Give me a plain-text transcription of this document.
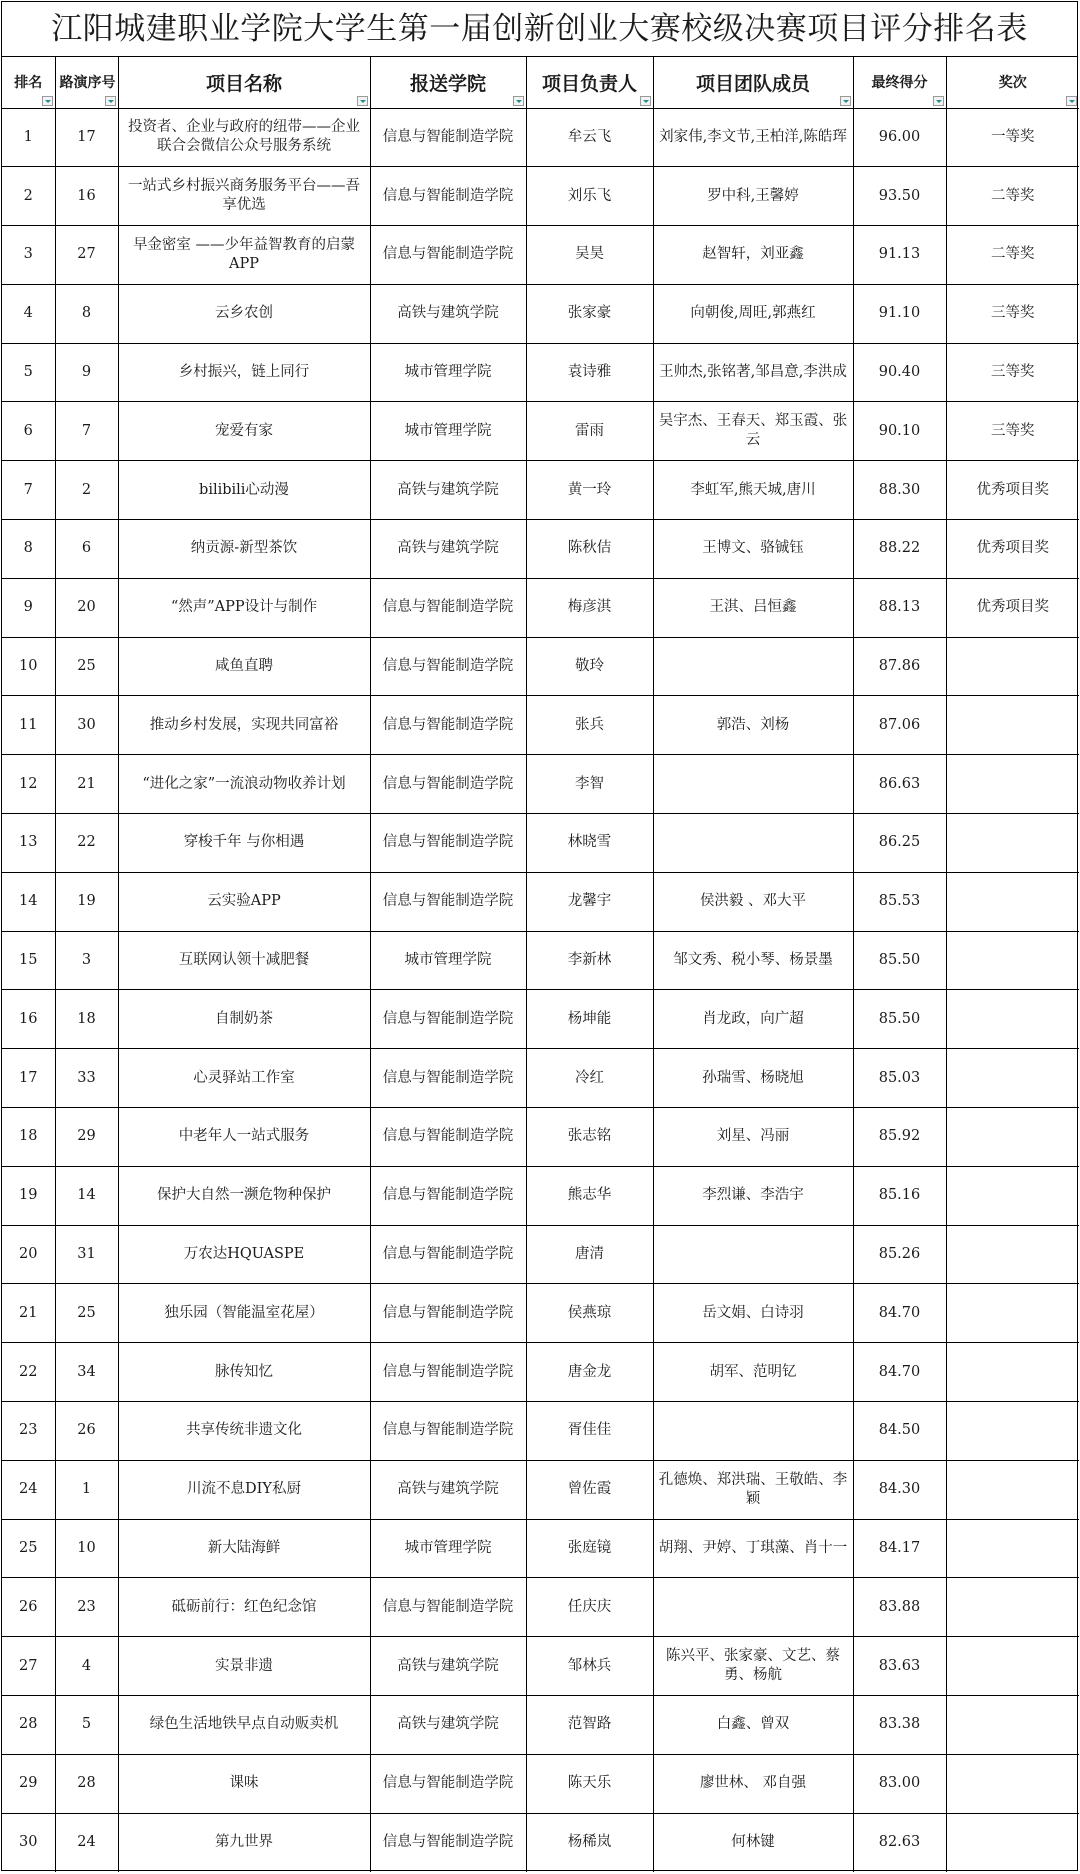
江阳城建职业学院大学生第一届创新创业大赛校级决赛项目评分排名表
排名	路演序号	项目名称	报送学院	项目负责人	项目团队成员	最终得分	奖次

1	17	投资者、企业与政府的纽带——企业联合会微信公众号服务系统	信息与智能制造学院	牟云飞	刘家伟,李文节,王柏洋,陈皓珲	96.00	一等奖
2	16	一站式乡村振兴商务服务平台——吾享优选	信息与智能制造学院	刘乐飞	罗中科,王馨婷	93.50	二等奖
3	27	早金密室 ——少年益智教育的启蒙APP	信息与智能制造学院	吴昊	赵智轩，刘亚鑫	91.13	二等奖
4	8	云乡农创	高铁与建筑学院	张家豪	向朝俊,周旺,郭燕红	91.10	三等奖
5	9	乡村振兴，链上同行	城市管理学院	袁诗雅	王帅杰,张铭著,邹昌意,李洪成	90.40	三等奖
6	7	宠爱有家	城市管理学院	雷雨	吴宇杰、王春天、郑玉霞、张云	90.10	三等奖
7	2	bilibili心动漫	高铁与建筑学院	黄一玲	李虹军,熊天城,唐川	88.30	优秀项目奖
8	6	纳贡源-新型茶饮	高铁与建筑学院	陈秋佶	王博文、骆铖钰	88.22	优秀项目奖
9	20	“然声”APP设计与制作	信息与智能制造学院	梅彦淇	王淇、吕恒鑫	88.13	优秀项目奖
10	25	咸鱼直聘	信息与智能制造学院	敬玲		87.86	
11	30	推动乡村发展，实现共同富裕	信息与智能制造学院	张兵	郭浩、刘杨	87.06	
12	21	“进化之家”一流浪动物收养计划	信息与智能制造学院	李智		86.63	
13	22	穿梭千年 与你相遇	信息与智能制造学院	林晓雪		86.25	
14	19	云实验APP	信息与智能制造学院	龙馨宇	侯洪毅 、邓大平	85.53	
15	3	互联网认领十减肥餐	城市管理学院	李新林	邹文秀、税小琴、杨景墨	85.50	
16	18	自制奶茶	信息与智能制造学院	杨坤能	肖龙政，向广超	85.50	
17	33	心灵驿站工作室	信息与智能制造学院	冷红	孙瑞雪、杨晓旭	85.03	
18	29	中老年人一站式服务	信息与智能制造学院	张志铭	刘星、冯丽	85.92	
19	14	保护大自然一濒危物种保护	信息与智能制造学院	熊志华	李烈谦、李浩宇	85.16	
20	31	万农达HQUASPE	信息与智能制造学院	唐清		85.26	
21	25	独乐园（智能温室花屋）	信息与智能制造学院	侯燕琼	岳文娟、白诗羽	84.70	
22	34	脉传知忆	信息与智能制造学院	唐金龙	胡军、范明钇	84.70	
23	26	共享传统非遗文化	信息与智能制造学院	胥佳佳		84.50	
24	1	川流不息DIY私厨	高铁与建筑学院	曾佐霞	孔德焕、郑洪瑞、王敬皓、李颖	84.30	
25	10	新大陆海鲜	城市管理学院	张庭镜	胡翔、尹婷、丁琪藻、肖十一	84.17	
26	23	砥砺前行：红色纪念馆	信息与智能制造学院	任庆庆		83.88	
27	4	实景非遗	高铁与建筑学院	邹林兵	陈兴平、张家豪、文艺、蔡勇、杨航	83.63	
28	5	绿色生活地铁早点自动贩卖机	高铁与建筑学院	范智路	白鑫、曾双	83.38	
29	28	课味	信息与智能制造学院	陈天乐	廖世林、 邓自强	83.00	
30	24	第九世界	信息与智能制造学院	杨稀岚	何林键	82.63	
